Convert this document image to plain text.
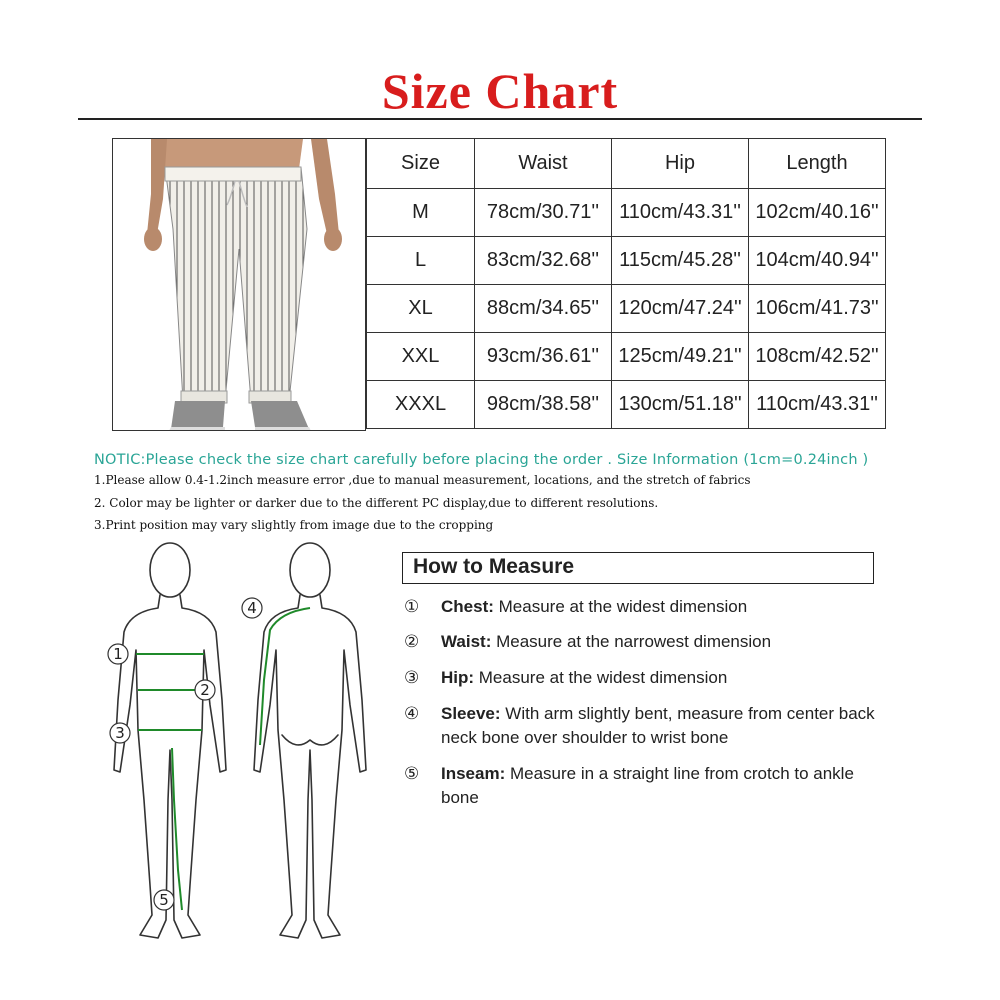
Size Chart
Size	Waist	Hip	Length
M	78cm/30.71''	110cm/43.31''	102cm/40.16''
L	83cm/32.68''	115cm/45.28''	104cm/40.94''
XL	88cm/34.65''	120cm/47.24''	106cm/41.73''
XXL	93cm/36.61''	125cm/49.21''	108cm/42.52''
XXXL	98cm/38.58''	130cm/51.18''	110cm/43.31''
NOTIC:Please check the size chart carefully before placing the order . Size Information (1cm=0.24inch )
1.Please allow 0.4-1.2inch measure error ,due to manual measurement, locations, and the stretch of fabrics
2. Color may be lighter or darker due to the different PC display,due to different resolutions.
3.Print position may vary slightly from image due to the cropping
1
2
3
4
5
How to Measure
①	Chest: Measure at the widest dimension
②	Waist: Measure at the narrowest dimension
③	Hip: Measure at the widest dimension
④	Sleeve: With arm slightly bent, measure from center back neck bone over shoulder to wrist bone
⑤	Inseam: Measure in a straight line from crotch to ankle bone
